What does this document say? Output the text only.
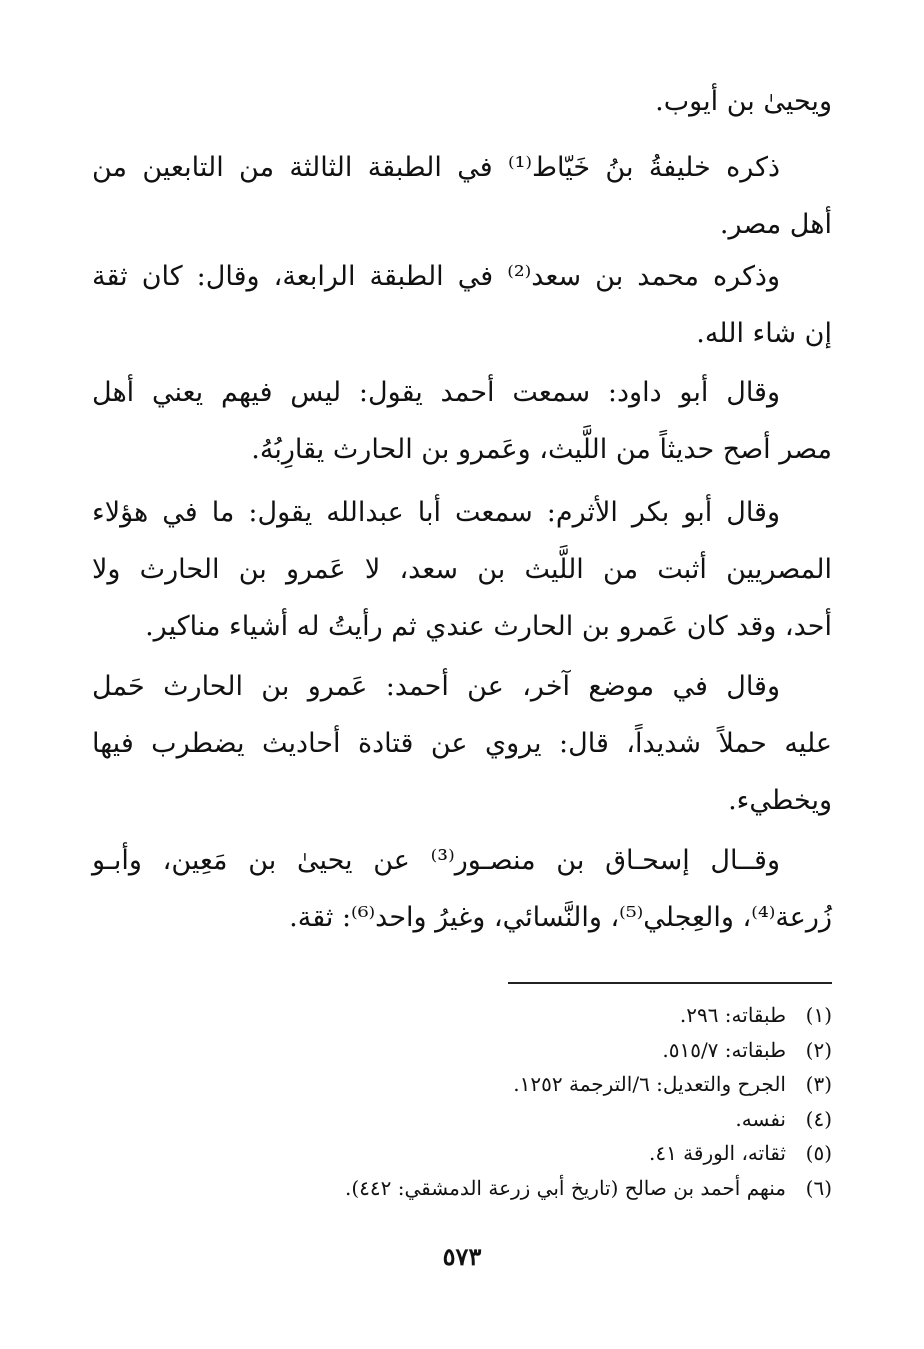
ويحيىٰ بن أيوب.
ذكره خليفةُ بنُ خَيّاط⁽¹⁾ في الطبقة الثالثة من التابعين من
أهل مصر.
وذكره محمد بن سعد⁽²⁾ في الطبقة الرابعة، وقال: كان ثقة
إن شاء الله.
وقال أبو داود: سمعت أحمد يقول: ليس فيهم يعني أهل
مصر أصح حديثاً من اللَّيث، وعَمرو بن الحارث يقارِبُهُ.
وقال أبو بكر الأثرم: سمعت أبا عبدالله يقول: ما في هؤلاء
المصريين أثبت من اللَّيث بن سعد، لا عَمرو بن الحارث ولا
أحد، وقد كان عَمرو بن الحارث عندي ثم رأيتُ له أشياء مناكير.
وقال في موضع آخر، عن أحمد: عَمرو بن الحارث حَمل
عليه حملاً شديداً، قال: يروي عن قتادة أحاديث يضطرب فيها
ويخطيء.
وقــال إسحـاق بن منصـور⁽³⁾ عن يحيىٰ بن مَعِين، وأبـو
زُرعة⁽⁴⁾، والعِجلي⁽⁵⁾، والنَّسائي، وغيرُ واحد⁽⁶⁾: ثقة.
(١)طبقاته: ٢٩٦.
(٢)طبقاته: ٥١٥/٧.
(٣)الجرح والتعديل: ٦/الترجمة ١٢٥٢.
(٤)نفسه.
(٥)ثقاته، الورقة ٤١.
(٦)منهم أحمد بن صالح (تاريخ أبي زرعة الدمشقي: ٤٤٢).
٥٧٣
